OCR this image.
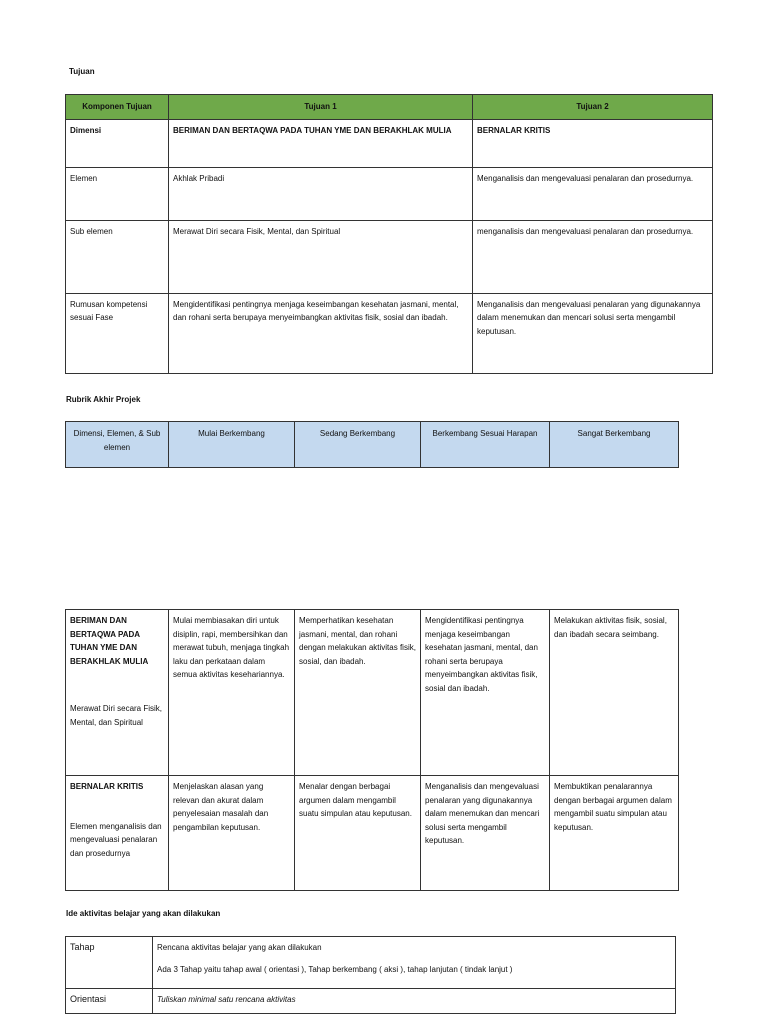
Tujuan
Komponen Tujuan	Tujuan 1	Tujuan 2
Dimensi	BERIMAN DAN BERTAQWA PADA TUHAN YME DAN BERAKHLAK MULIA	BERNALAR KRITIS
Elemen	Akhlak Pribadi	Menganalisis dan mengevaluasi penalaran dan prosedurnya.
Sub elemen	Merawat Diri secara Fisik, Mental, dan Spiritual	menganalisis dan mengevaluasi penalaran dan prosedurnya.
Rumusan kompetensi sesuai Fase	Mengidentifikasi pentingnya menjaga keseimbangan kesehatan jasmani, mental, dan rohani serta berupaya menyeimbangkan aktivitas fisik, sosial dan ibadah.	Menganalisis dan mengevaluasi penalaran yang digunakannya dalam menemukan dan mencari solusi serta mengambil keputusan.
Rubrik Akhir Projek
Dimensi, Elemen, & Sub elemen	Mulai Berkembang	Sedang Berkembang	Berkembang Sesuai Harapan	Sangat Berkembang
BERIMAN DAN BERTAQWA PADA TUHAN YME DAN BERAKHLAK MULIA
Merawat Diri secara Fisik, Mental, dan Spiritual	Mulai membiasakan diri untuk disiplin, rapi, membersihkan dan merawat tubuh, menjaga tingkah laku dan perkataan dalam semua aktivitas kesehariannya.	Memperhatikan kesehatan jasmani, mental, dan rohani dengan melakukan aktivitas fisik, sosial, dan ibadah.	Mengidentifikasi pentingnya menjaga keseimbangan kesehatan jasmani, mental, dan rohani serta berupaya menyeimbangkan aktivitas fisik, sosial dan ibadah.	Melakukan aktivitas fisik, sosial, dan ibadah secara seimbang.
BERNALAR KRITIS
Elemen menganalisis dan mengevaluasi penalaran dan prosedurnya	Menjelaskan alasan yang relevan dan akurat dalam penyelesaian masalah dan pengambilan keputusan.	Menalar dengan berbagai argumen dalam mengambil suatu simpulan atau keputusan.	Menganalisis dan mengevaluasi penalaran yang digunakannya dalam menemukan dan mencari solusi serta mengambil keputusan.	Membuktikan penalarannya dengan berbagai argumen dalam mengambil suatu simpulan atau keputusan.
Ide aktivitas belajar yang akan dilakukan
Tahap	Rencana aktivitas belajar yang akan dilakukan
Ada 3 Tahap yaitu tahap awal ( orientasi ), Tahap berkembang ( aksi ), tahap lanjutan ( tindak lanjut )

Orientasi	Tuliskan minimal satu rencana aktivitas
